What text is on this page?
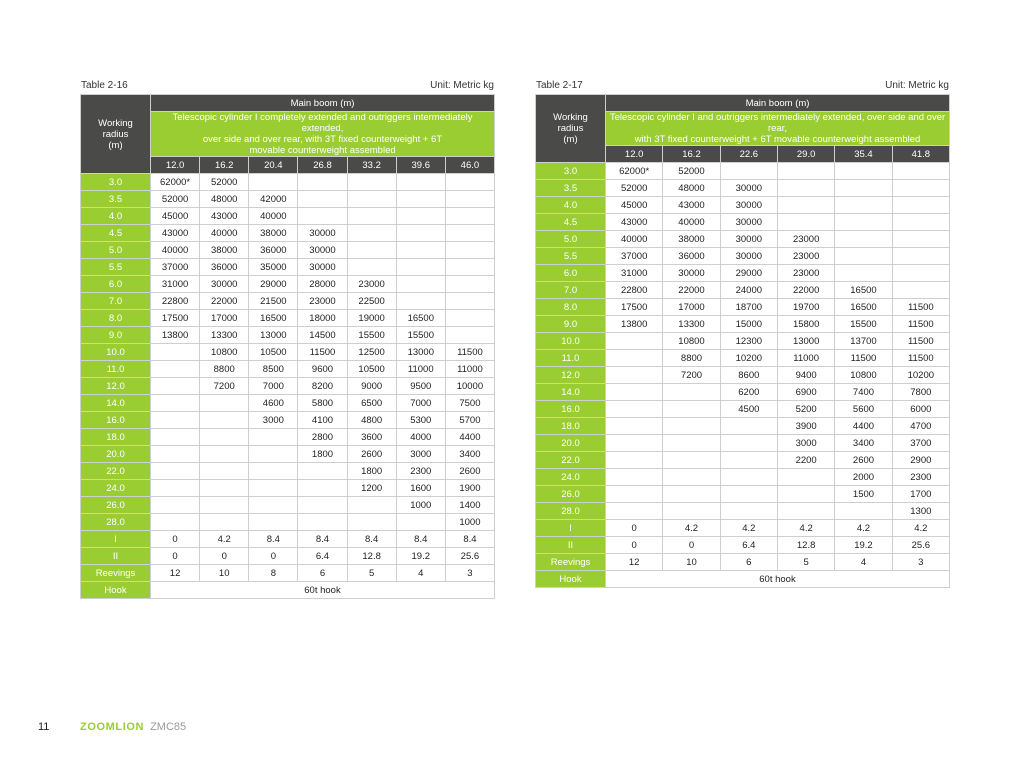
Table 2-16	Unit: Metric kg
Working
radius
(m)	Main boom (m)						
	Telescopic cylinder I completely extended and outriggers intermediately extended,
over side and over rear, with 3T fixed counterweight + 6T
movable counterweight assembled						
	12.0	16.2	20.4	26.8	33.2	39.6	46.0
3.0	62000*	52000					
3.5	52000	48000	42000				
4.0	45000	43000	40000				
4.5	43000	40000	38000	30000			
5.0	40000	38000	36000	30000			
5.5	37000	36000	35000	30000			
6.0	31000	30000	29000	28000	23000		
7.0	22800	22000	21500	23000	22500		
8.0	17500	17000	16500	18000	19000	16500	
9.0	13800	13300	13000	14500	15500	15500	
10.0		10800	10500	11500	12500	13000	11500
11.0		8800	8500	9600	10500	11000	11000
12.0		7200	7000	8200	9000	9500	10000
14.0			4600	5800	6500	7000	7500
16.0			3000	4100	4800	5300	5700
18.0				2800	3600	4000	4400
20.0				1800	2600	3000	3400
22.0					1800	2300	2600
24.0					1200	1600	1900
26.0						1000	1400
28.0							1000
I	0	4.2	8.4	8.4	8.4	8.4	8.4
II	0	0	0	6.4	12.8	19.2	25.6
Reevings	12	10	8	6	5	4	3
Hook	60t hook						
Table 2-17	Unit: Metric kg
Working
radius
(m)	Main boom (m)					
	Telescopic cylinder I and outriggers intermediately extended, over side and over rear,
with 3T fixed counterweight + 6T movable counterweight assembled					
	12.0	16.2	22.6	29.0	35.4	41.8
3.0	62000*	52000				
3.5	52000	48000	30000			
4.0	45000	43000	30000			
4.5	43000	40000	30000			
5.0	40000	38000	30000	23000		
5.5	37000	36000	30000	23000		
6.0	31000	30000	29000	23000		
7.0	22800	22000	24000	22000	16500	
8.0	17500	17000	18700	19700	16500	11500
9.0	13800	13300	15000	15800	15500	11500
10.0		10800	12300	13000	13700	11500
11.0		8800	10200	11000	11500	11500
12.0		7200	8600	9400	10800	10200
14.0			6200	6900	7400	7800
16.0			4500	5200	5600	6000
18.0				3900	4400	4700
20.0				3000	3400	3700
22.0				2200	2600	2900
24.0					2000	2300
26.0					1500	1700
28.0						1300
I	0	4.2	4.2	4.2	4.2	4.2
II	0	0	6.4	12.8	19.2	25.6
Reevings	12	10	6	5	4	3
Hook	60t hook					
11	ZOOMLION ZMC85
